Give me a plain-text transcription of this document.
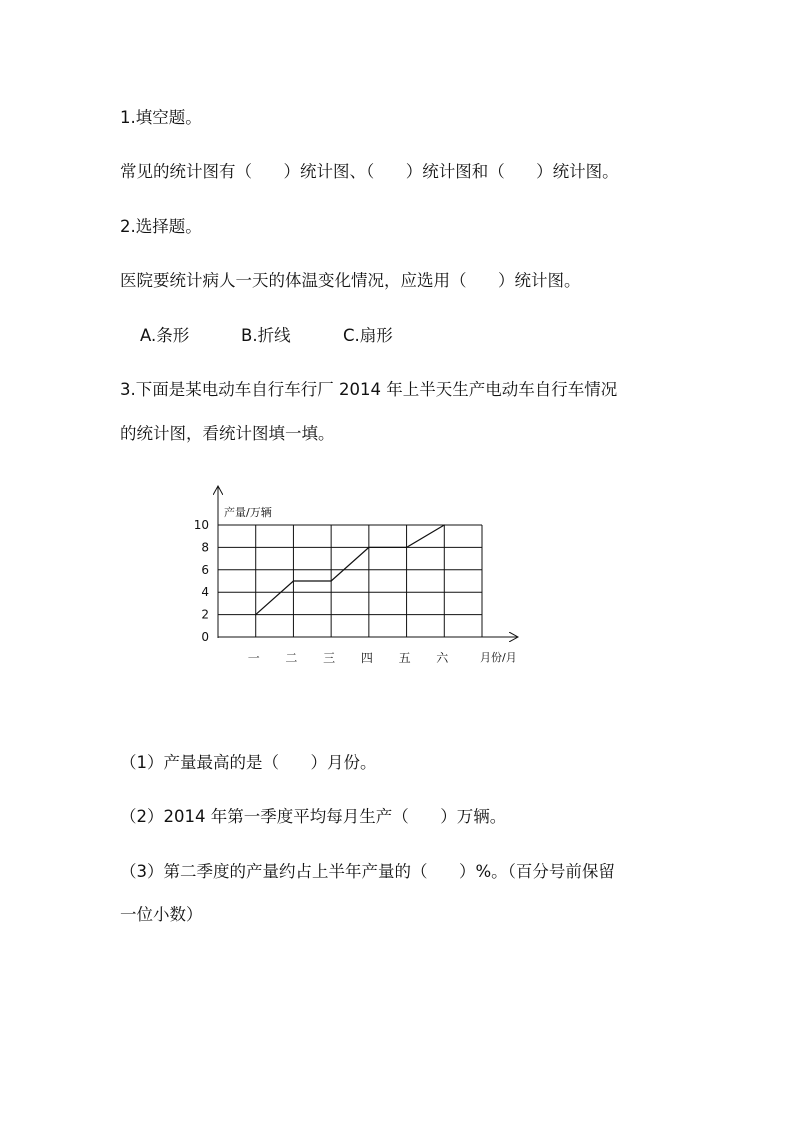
1.填空题。
常见的统计图有（      ）统计图、（      ）统计图和（      ）统计图。
2.选择题。
医院要统计病人一天的体温变化情况，应选用（      ）统计图。
A.条形	B.折线	C.扇形
3.下面是某电动车自行车行厂 2014 年上半天生产电动车自行车情况
的统计图，看统计图填一填。
产量/万辆
月份/月
0
2
4
6
8
10
一 二 三 四 五 六
（1）产量最高的是（      ）月份。
（2）2014 年第一季度平均每月生产（      ）万辆。
（3）第二季度的产量约占上半年产量的（      ）%。（百分号前保留
一位小数）
